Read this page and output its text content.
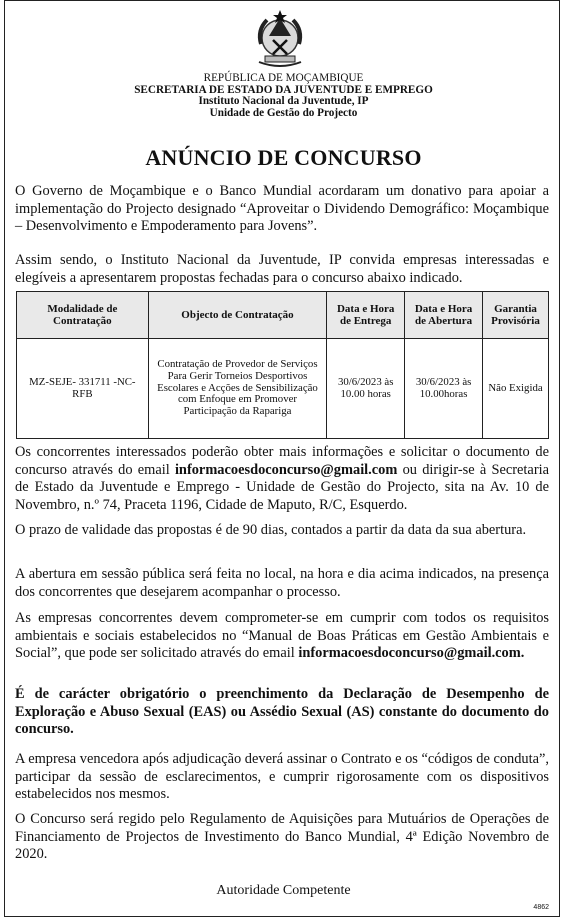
REPÚBLICA DE MOÇAMBIQUE
SECRETARIA DE ESTADO DA JUVENTUDE E EMPREGO
Instituto Nacional da Juventude, IP
Unidade de Gestão do Projecto
ANÚNCIO DE CONCURSO

O Governo de Moçambique e o Banco Mundial acordaram um donativo para apoiar a implementação do Projecto designado “Aproveitar o Dividendo Demográfico: Moçambique – Desenvolvimento e Empoderamento para Jovens”.

Assim sendo, o Instituto Nacional da Juventude, IP convida empresas interessadas e elegíveis a apresentarem propostas fechadas para o concurso abaixo indicado.

Modalidade de Contratação	Objecto de Contratação	Data e Hora de Entrega	Data e Hora de Abertura	Garantia Provisória
MZ-SEJE- 331711 -NC-RFB	Contratação de Provedor de Serviços Para Gerir Torneios Desportivos Escolares e Acções de Sensibilização com Enfoque em Promover Participação da Rapariga	30/6/2023 às 10.00 horas	30/6/2023 às 10.00horas	Não Exigida

Os concorrentes interessados poderão obter mais informações e solicitar o documento de concurso através do email informacoesdoconcurso@gmail.com ou dirigir-se à Secretaria de Estado da Juventude e Emprego - Unidade de Gestão do Projecto, sita na Av. 10 de Novembro, n.º 74, Praceta 1196, Cidade de Maputo, R/C, Esquerdo.

O prazo de validade das propostas é de 90 dias, contados a partir da data da sua abertura.

A abertura em sessão pública será feita no local, na hora e dia acima indicados, na presença dos concorrentes que desejarem acompanhar o processo.

As empresas concorrentes devem comprometer-se em cumprir com todos os requisitos ambientais e sociais estabelecidos no “Manual de Boas Práticas em Gestão Ambientais e Social”, que pode ser solicitado através do email informacoesdoconcurso@gmail.com.

É de carácter obrigatório o preenchimento da Declaração de Desempenho de Exploração e Abuso Sexual (EAS) ou Assédio Sexual (AS) constante do documento do concurso.

A empresa vencedora após adjudicação deverá assinar o Contrato e os “códigos de conduta”, participar da sessão de esclarecimentos, e cumprir rigorosamente com os dispositivos estabelecidos nos mesmos.

O Concurso será regido pelo Regulamento de Aquisições para Mutuários de Operações de Financiamento de Projectos de Investimento do Banco Mundial, 4ª Edição Novembro de 2020.

Autoridade Competente
4862
